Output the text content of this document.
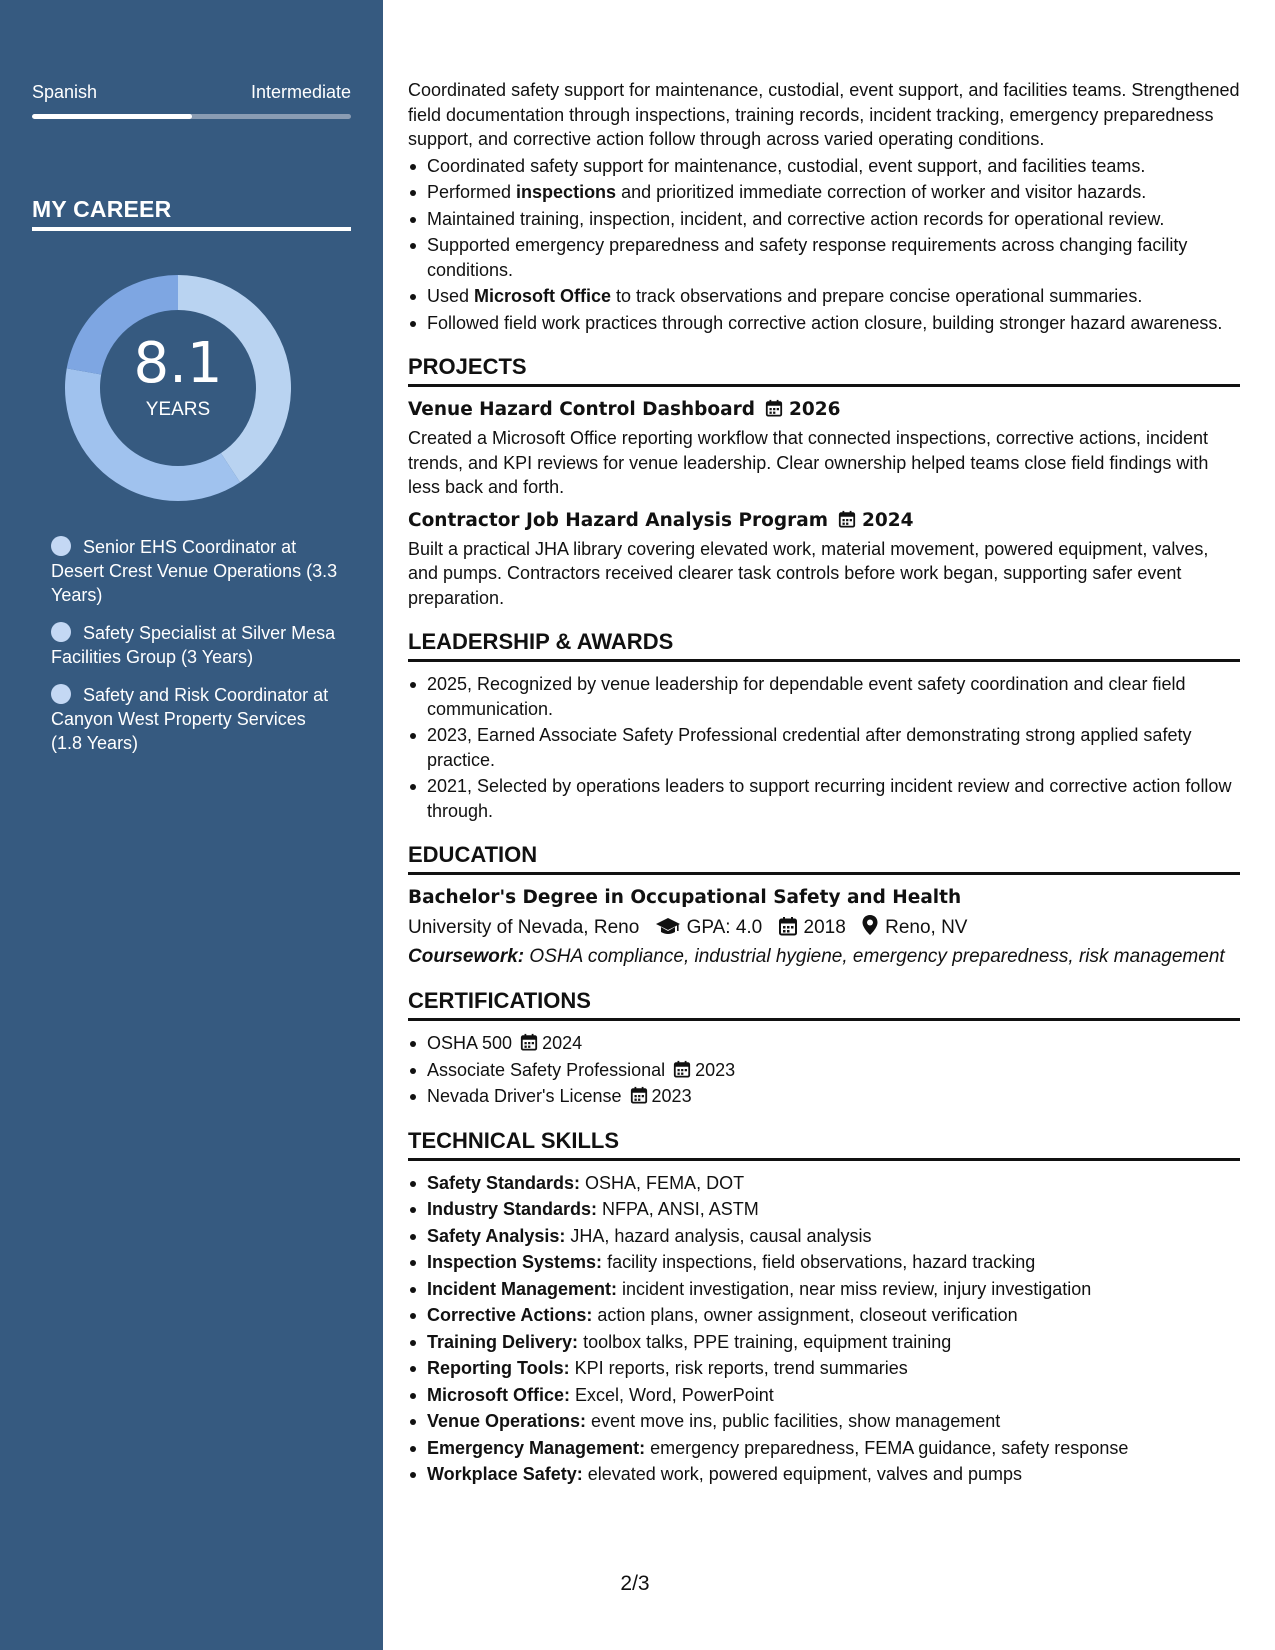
Spanish	Intermediate
MY CAREER
8.1
YEARS
Senior EHS Coordinator at Desert Crest Venue Operations (3.3 Years)
Safety Specialist at Silver Mesa Facilities Group (3 Years)
Safety and Risk Coordinator at Canyon West Property Services (1.8 Years)

Coordinated safety support for maintenance, custodial, event support, and facilities teams. Strengthened field documentation through inspections, training records, incident tracking, emergency preparedness support, and corrective action follow through across varied operating conditions.

Coordinated safety support for maintenance, custodial, event support, and facilities teams.
Performed inspections and prioritized immediate correction of worker and visitor hazards.
Maintained training, inspection, incident, and corrective action records for operational review.
Supported emergency preparedness and safety response requirements across changing facility conditions.
Used Microsoft Office to track observations and prepare concise operational summaries.
Followed field work practices through corrective action closure, building stronger hazard awareness.
PROJECTS
Venue Hazard Control Dashboard 2026

Created a Microsoft Office reporting workflow that connected inspections, corrective actions, incident trends, and KPI reviews for venue leadership. Clear ownership helped teams close field findings with less back and forth.

Contractor Job Hazard Analysis Program 2024

Built a practical JHA library covering elevated work, material movement, powered equipment, valves, and pumps. Contractors received clearer task controls before work began, supporting safer event preparation.

LEADERSHIP & AWARDS
2025, Recognized by venue leadership for dependable event safety coordination and clear field communication.
2023, Earned Associate Safety Professional credential after demonstrating strong applied safety practice.
2021, Selected by operations leaders to support recurring incident review and corrective action follow through.
EDUCATION
Bachelor's Degree in Occupational Safety and Health
University of Nevada, Reno GPA: 4.0 2018 Reno, NV
Coursework: OSHA compliance, industrial hygiene, emergency preparedness, risk management
CERTIFICATIONS
OSHA 500 2024
Associate Safety Professional 2023
Nevada Driver's License 2023
TECHNICAL SKILLS
Safety Standards: OSHA, FEMA, DOT
Industry Standards: NFPA, ANSI, ASTM
Safety Analysis: JHA, hazard analysis, causal analysis
Inspection Systems: facility inspections, field observations, hazard tracking
Incident Management: incident investigation, near miss review, injury investigation
Corrective Actions: action plans, owner assignment, closeout verification
Training Delivery: toolbox talks, PPE training, equipment training
Reporting Tools: KPI reports, risk reports, trend summaries
Microsoft Office: Excel, Word, PowerPoint
Venue Operations: event move ins, public facilities, show management
Emergency Management: emergency preparedness, FEMA guidance, safety response
Workplace Safety: elevated work, powered equipment, valves and pumps
2/3
